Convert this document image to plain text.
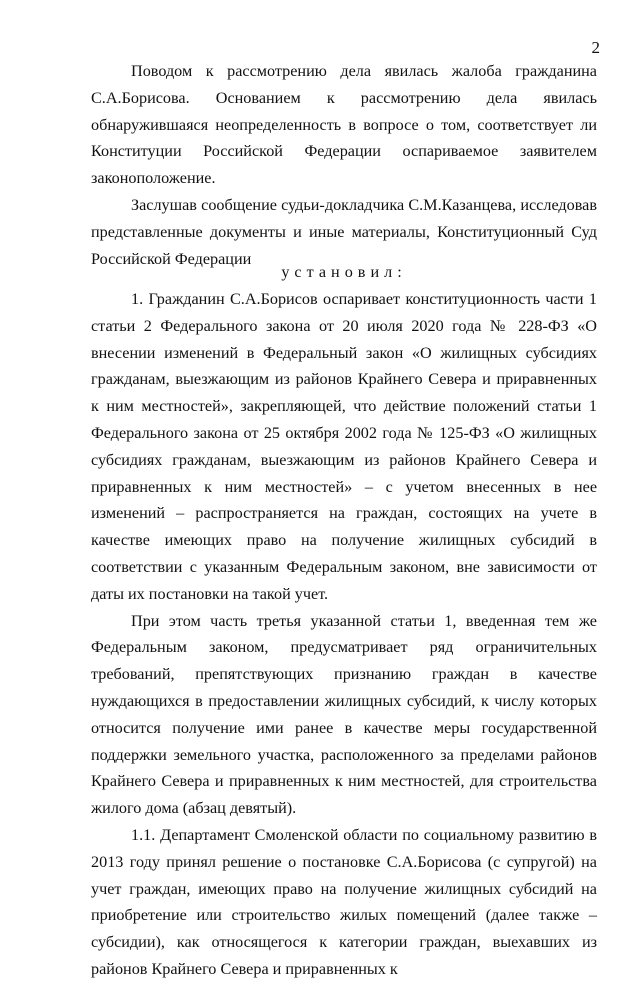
2

Поводом к рассмотрению дела явилась жалоба гражданина С.А.Борисова. Основанием к рассмотрению дела явилась обнаружившаяся неопределенность в вопросе о том, соответствует ли Конституции Российской Федерации оспариваемое заявителем законоположение.

Заслушав сообщение судьи-докладчика С.М.Казанцева, исследовав представленные документы и иные материалы, Конституционный Суд Российской Федерации

установил:

1. Гражданин С.А.Борисов оспаривает конституционность части 1 статьи 2 Федерального закона от 20 июля 2020 года № 228-ФЗ «О внесении изменений в Федеральный закон «О жилищных субсидиях гражданам, выезжающим из районов Крайнего Севера и приравненных к ним местностей», закрепляющей, что действие положений статьи 1 Федерального закона от 25 октября 2002 года № 125-ФЗ «О жилищных субсидиях гражданам, выезжающим из районов Крайнего Севера и приравненных к ним местностей» – с учетом внесенных в нее изменений – распространяется на граждан, состоящих на учете в качестве имеющих право на получение жилищных субсидий в соответствии с указанным Федеральным законом, вне зависимости от даты их постановки на такой учет.

При этом часть третья указанной статьи 1, введенная тем же Федеральным законом, предусматривает ряд ограничительных требований, препятствующих признанию граждан в качестве нуждающихся в предоставлении жилищных субсидий, к числу которых относится получение ими ранее в качестве меры государственной поддержки земельного участка, расположенного за пределами районов Крайнего Севера и приравненных к ним местностей, для строительства жилого дома (абзац девятый).

1.1. Департамент Смоленской области по социальному развитию в 2013 году принял решение о постановке С.А.Борисова (с супругой) на учет граждан, имеющих право на получение жилищных субсидий на приобретение или строительство жилых помещений (далее также – субсидии), как относящегося к категории граждан, выехавших из районов Крайнего Севера и приравненных к
